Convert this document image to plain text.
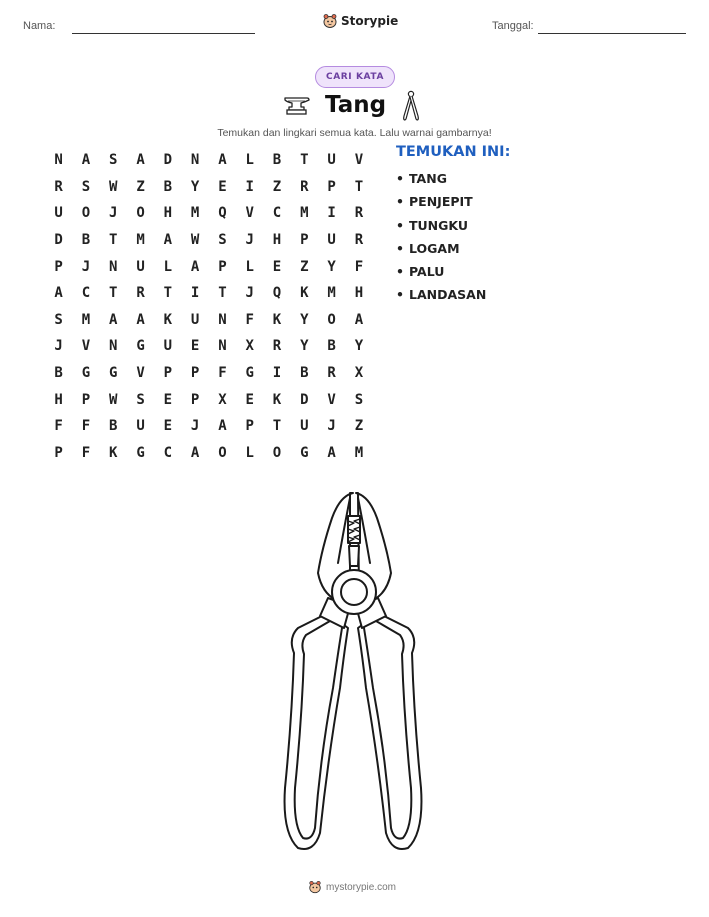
Nama:	Storypie	Tanggal:
CARI KATA
Tang
Temukan dan lingkari semua kata. Lalu warnai gambarnya!
N	A	S	A	D	N	A	L	B	T	U	V
R	S	W	Z	B	Y	E	I	Z	R	P	T
U	O	J	O	H	M	Q	V	C	M	I	R
D	B	T	M	A	W	S	J	H	P	U	R
P	J	N	U	L	A	P	L	E	Z	Y	F
A	C	T	R	T	I	T	J	Q	K	M	H
S	M	A	A	K	U	N	F	K	Y	O	A
J	V	N	G	U	E	N	X	R	Y	B	Y
B	G	G	V	P	P	F	G	I	B	R	X
H	P	W	S	E	P	X	E	K	D	V	S
F	F	B	U	E	J	A	P	T	U	J	Z
P	F	K	G	C	A	O	L	O	G	A	M
TEMUKAN INI:
• TANG
• PENJEPIT
• TUNGKU
• LOGAM
• PALU
• LANDASAN
mystorypie.com
